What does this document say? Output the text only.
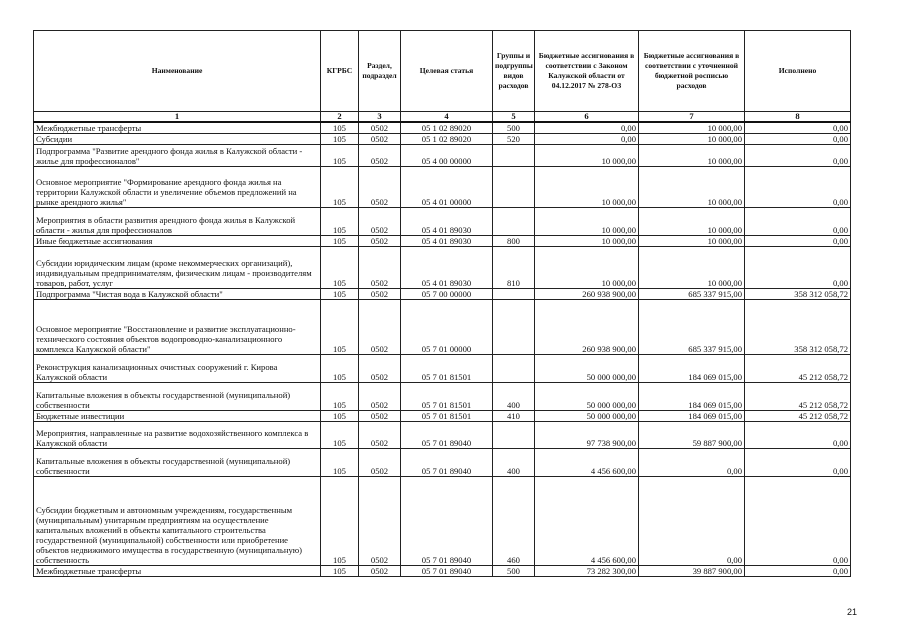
Наименование	КГРБС	Раздел, подраздел	Целевая статья	Группы и подгруппы видов расходов	Бюджетные ассигнования в соответствии с Законом Калужской области от 04.12.2017 № 278-ОЗ	Бюджетные ассигнования в соответствии с уточненной бюджетной росписью расходов	Исполнено
1	2	3	4	5	6	7	8
Межбюджетные трансферты	105	0502	05 1 02 89020	500	0,00	10 000,00	0,00
Субсидии	105	0502	05 1 02 89020	520	0,00	10 000,00	0,00
Подпрограмма "Развитие арендного фонда жилья в Калужской области - жилье для профессионалов"	105	0502	05 4 00 00000		10 000,00	10 000,00	0,00
Основное мероприятие "Формирование арендного фонда жилья на территории Калужской области и увеличение объемов предложений на рынке арендного жилья"	105	0502	05 4 01 00000		10 000,00	10 000,00	0,00
Мероприятия в области развития арендного фонда жилья в Калужской области - жилья для профессионалов	105	0502	05 4 01 89030		10 000,00	10 000,00	0,00
Иные бюджетные ассигнования	105	0502	05 4 01 89030	800	10 000,00	10 000,00	0,00
Субсидии юридическим лицам (кроме некоммерческих организаций), индивидуальным предпринимателям, физическим лицам - производителям товаров, работ, услуг	105	0502	05 4 01 89030	810	10 000,00	10 000,00	0,00
Подпрограмма "Чистая вода в Калужской области"	105	0502	05 7 00 00000		260 938 900,00	685 337 915,00	358 312 058,72
Основное мероприятие "Восстановление и развитие эксплуатационно-технического состояния объектов водопроводно-канализационного комплекса Калужской области"	105	0502	05 7 01 00000		260 938 900,00	685 337 915,00	358 312 058,72
Реконструкция канализационных очистных сооружений г. Кирова Калужской области	105	0502	05 7 01 81501		50 000 000,00	184 069 015,00	45 212 058,72
Капитальные вложения в объекты государственной (муниципальной) собственности	105	0502	05 7 01 81501	400	50 000 000,00	184 069 015,00	45 212 058,72
Бюджетные инвестиции	105	0502	05 7 01 81501	410	50 000 000,00	184 069 015,00	45 212 058,72
Мероприятия, направленные на развитие водохозяйственного комплекса в Калужской области	105	0502	05 7 01 89040		97 738 900,00	59 887 900,00	0,00
Капитальные вложения в объекты государственной (муниципальной) собственности	105	0502	05 7 01 89040	400	4 456 600,00	0,00	0,00
Субсидии бюджетным и автономным учреждениям, государственным (муниципальным) унитарным предприятиям на осуществление капитальных вложений в объекты капитального строительства государственной (муниципальной) собственности или приобретение объектов недвижимого имущества в государственную (муниципальную) собственность	105	0502	05 7 01 89040	460	4 456 600,00	0,00	0,00
Межбюджетные трансферты	105	0502	05 7 01 89040	500	73 282 300,00	39 887 900,00	0,00
21
